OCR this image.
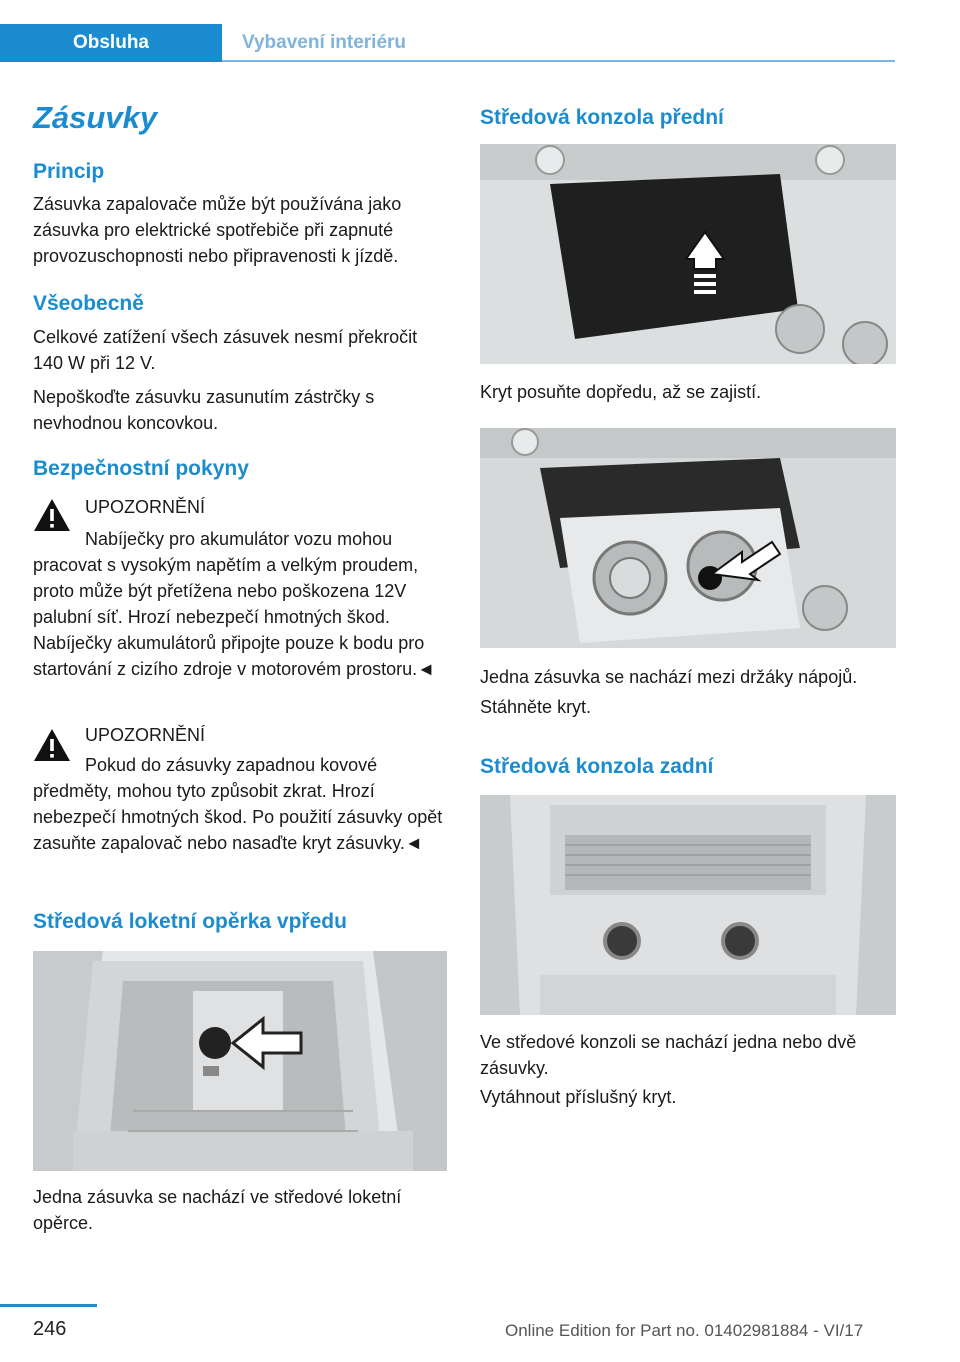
Obsluha	Vybavení interiéru
Zásuvky
Princip

Zásuvka zapalovače může být používána jako zásuvka pro elektrické spotřebiče při zapnuté provozuschopnosti nebo připravenosti k jízdě.

Všeobecně

Celkové zatížení všech zásuvek nesmí překročit 140 W při 12 V.

Nepoškoďte zásuvku zasunutím zástrčky s nevhodnou koncovkou.

Bezpečnostní pokyny

UPOZORNĚNÍ

Nabíječky pro akumulátor vozu mohou pracovat s vysokým napětím a velkým proudem, proto může být přetížena nebo poškozena 12V palubní síť. Hrozí nebezpečí hmotných škod. Nabíječky akumulátorů připojte pouze k bodu pro startování z cizího zdroje v motorovém prostoru.◄

UPOZORNĚNÍ

Pokud do zásuvky zapadnou kovové předměty, mohou tyto způsobit zkrat. Hrozí nebezpečí hmotných škod. Po použití zásuvky opět zasuňte zapalovač nebo nasaďte kryt zásuvky.◄

Středová loketní opěrka vpředu

Jedna zásuvka se nachází ve středové loketní opěrce.

Středová konzola přední

Kryt posuňte dopředu, až se zajistí.

Jedna zásuvka se nachází mezi držáky nápojů.

Stáhněte kryt.

Středová konzola zadní

Ve středové konzoli se nachází jedna nebo dvě zásuvky.

Vytáhnout příslušný kryt.

246	Online Edition for Part no. 01402981884 - VI/17
